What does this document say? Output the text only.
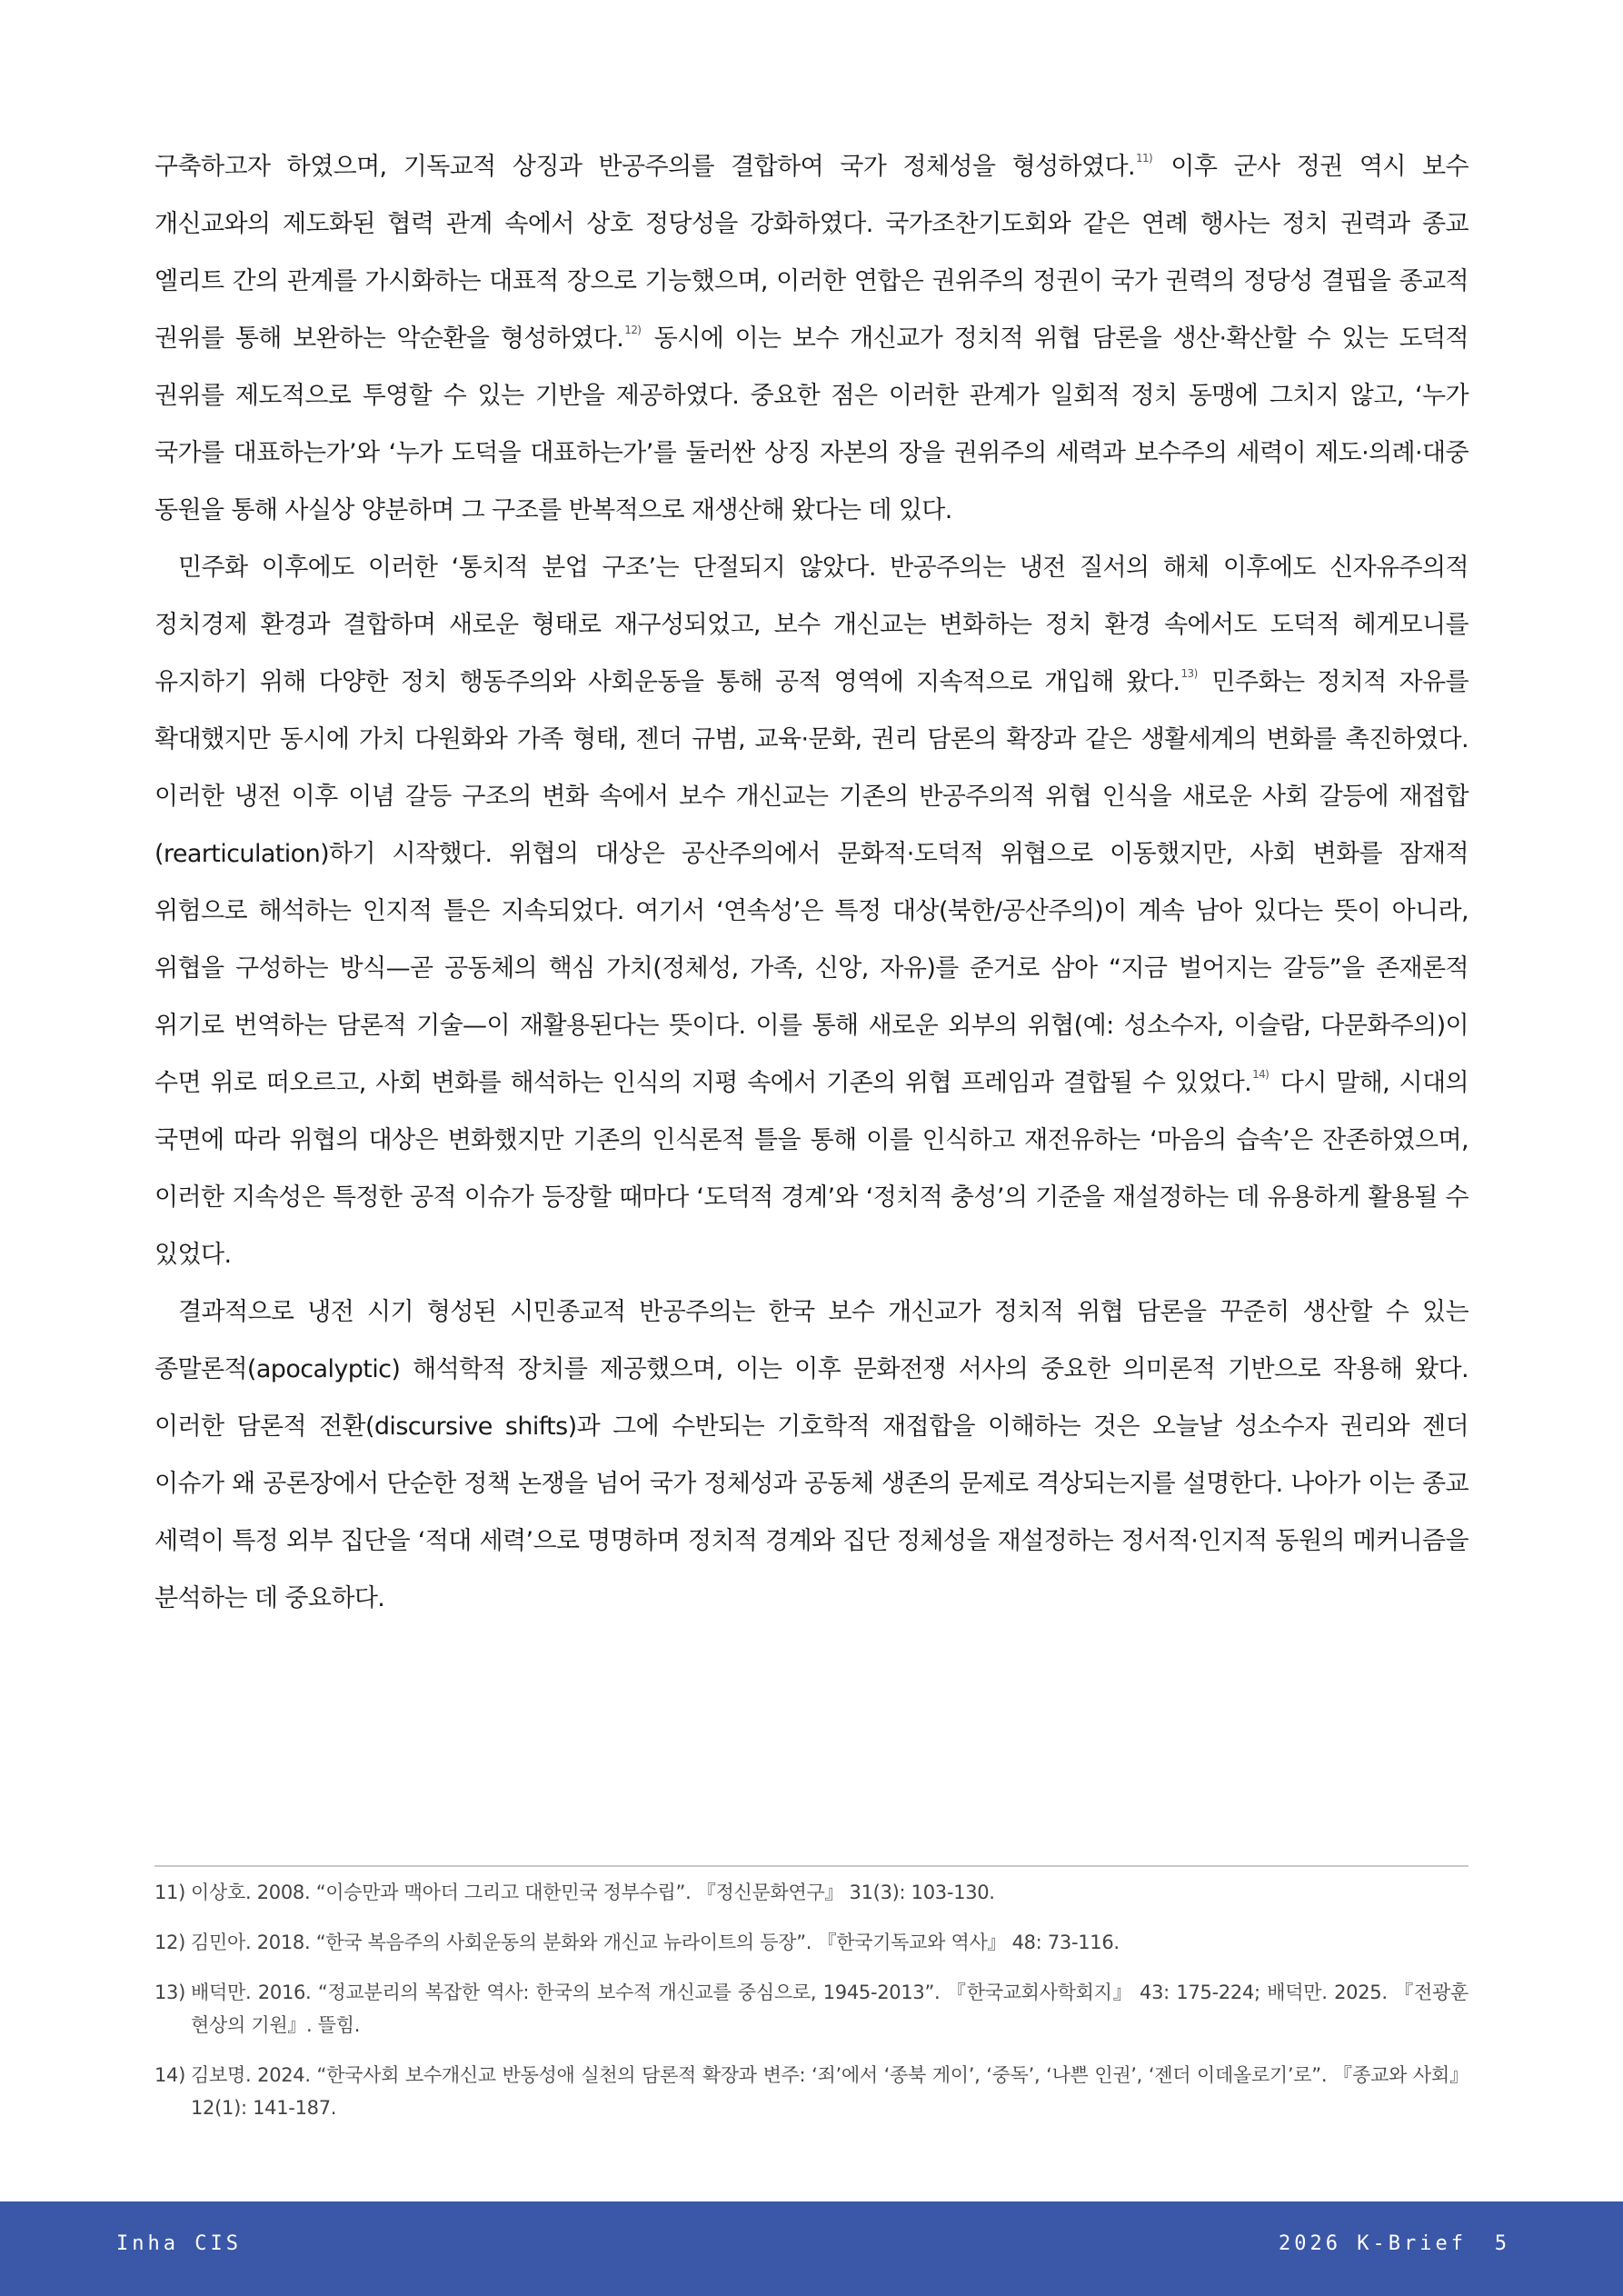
구축하고자 하였으며, 기독교적 상징과 반공주의를 결합하여 국가 정체성을 형성하였다.$^{11)}$ 이후 군사 정권 역시 보수 개신교와의 제도화된 협력 관계 속에서 상호 정당성을 강화하였다. 국가조찬기도회와 같은 연례 행사는 정치 권력과 종교 엘리트 간의 관계를 가시화하는 대표적 장으로 기능했으며, 이러한 연합은 권위주의 정권이 국가 권력의 정당성 결핍을 종교적 권위를 통해 보완하는 악순환을 형성하였다.$^{12)}$ 동시에 이는 보수 개신교가 정치적 위협 담론을 생산·확산할 수 있는 도덕적 권위를 제도적으로 투영할 수 있는 기반을 제공하였다. 중요한 점은 이러한 관계가 일회적 정치 동맹에 그치지 않고, ‘누가 국가를 대표하는가’와 ‘누가 도덕을 대표하는가’를 둘러싼 상징 자본의 장을 권위주의 세력과 보수주의 세력이 제도·의례·대중 동원을 통해 사실상 양분하며 그 구조를 반복적으로 재생산해 왔다는 데 있다.

민주화 이후에도 이러한 ‘통치적 분업 구조’는 단절되지 않았다. 반공주의는 냉전 질서의 해체 이후에도 신자유주의적 정치경제 환경과 결합하며 새로운 형태로 재구성되었고, 보수 개신교는 변화하는 정치 환경 속에서도 도덕적 헤게모니를 유지하기 위해 다양한 정치 행동주의와 사회운동을 통해 공적 영역에 지속적으로 개입해 왔다.$^{13)}$ 민주화는 정치적 자유를 확대했지만 동시에 가치 다원화와 가족 형태, 젠더 규범, 교육·문화, 권리 담론의 확장과 같은 생활세계의 변화를 촉진하였다. 이러한 냉전 이후 이념 갈등 구조의 변화 속에서 보수 개신교는 기존의 반공주의적 위협 인식을 새로운 사회 갈등에 재접합(rearticulation)하기 시작했다. 위협의 대상은 공산주의에서 문화적·도덕적 위협으로 이동했지만, 사회 변화를 잠재적 위험으로 해석하는 인지적 틀은 지속되었다. 여기서 ‘연속성’은 특정 대상(북한/공산주의)이 계속 남아 있다는 뜻이 아니라, 위협을 구성하는 방식—곧 공동체의 핵심 가치(정체성, 가족, 신앙, 자유)를 준거로 삼아 “지금 벌어지는 갈등”을 존재론적 위기로 번역하는 담론적 기술—이 재활용된다는 뜻이다. 이를 통해 새로운 외부의 위협(예: 성소수자, 이슬람, 다문화주의)이 수면 위로 떠오르고, 사회 변화를 해석하는 인식의 지평 속에서 기존의 위협 프레임과 결합될 수 있었다.$^{14)}$ 다시 말해, 시대의 국면에 따라 위협의 대상은 변화했지만 기존의 인식론적 틀을 통해 이를 인식하고 재전유하는 ‘마음의 습속’은 잔존하였으며, 이러한 지속성은 특정한 공적 이슈가 등장할 때마다 ‘도덕적 경계’와 ‘정치적 충성’의 기준을 재설정하는 데 유용하게 활용될 수 있었다.

결과적으로 냉전 시기 형성된 시민종교적 반공주의는 한국 보수 개신교가 정치적 위협 담론을 꾸준히 생산할 수 있는 종말론적(apocalyptic) 해석학적 장치를 제공했으며, 이는 이후 문화전쟁 서사의 중요한 의미론적 기반으로 작용해 왔다. 이러한 담론적 전환(discursive shifts)과 그에 수반되는 기호학적 재접합을 이해하는 것은 오늘날 성소수자 권리와 젠더 이슈가 왜 공론장에서 단순한 정책 논쟁을 넘어 국가 정체성과 공동체 생존의 문제로 격상되는지를 설명한다. 나아가 이는 종교 세력이 특정 외부 집단을 ‘적대 세력’으로 명명하며 정치적 경계와 집단 정체성을 재설정하는 정서적·인지적 동원의 메커니즘을 분석하는 데 중요하다.

11) 이상호. 2008. “이승만과 맥아더 그리고 대한민국 정부수립”. 『정신문화연구』 31(3): 103-130.
12) 김민아. 2018. “한국 복음주의 사회운동의 분화와 개신교 뉴라이트의 등장”. 『한국기독교와 역사』 48: 73-116.
13) 배덕만. 2016. “정교분리의 복잡한 역사: 한국의 보수적 개신교를 중심으로, 1945-2013”. 『한국교회사학회지』 43: 175-224; 배덕만. 2025. 『전광훈 현상의 기원』. 뜰힘.
14) 김보명. 2024. “한국사회 보수개신교 반동성애 실천의 담론적 확장과 변주: ‘죄’에서 ‘종북 게이’, ‘중독’, ‘나쁜 인권’, ‘젠더 이데올로기’로”. 『종교와 사회』 12(1): 141-187.
Inha CIS	2026 K-Brief 5
